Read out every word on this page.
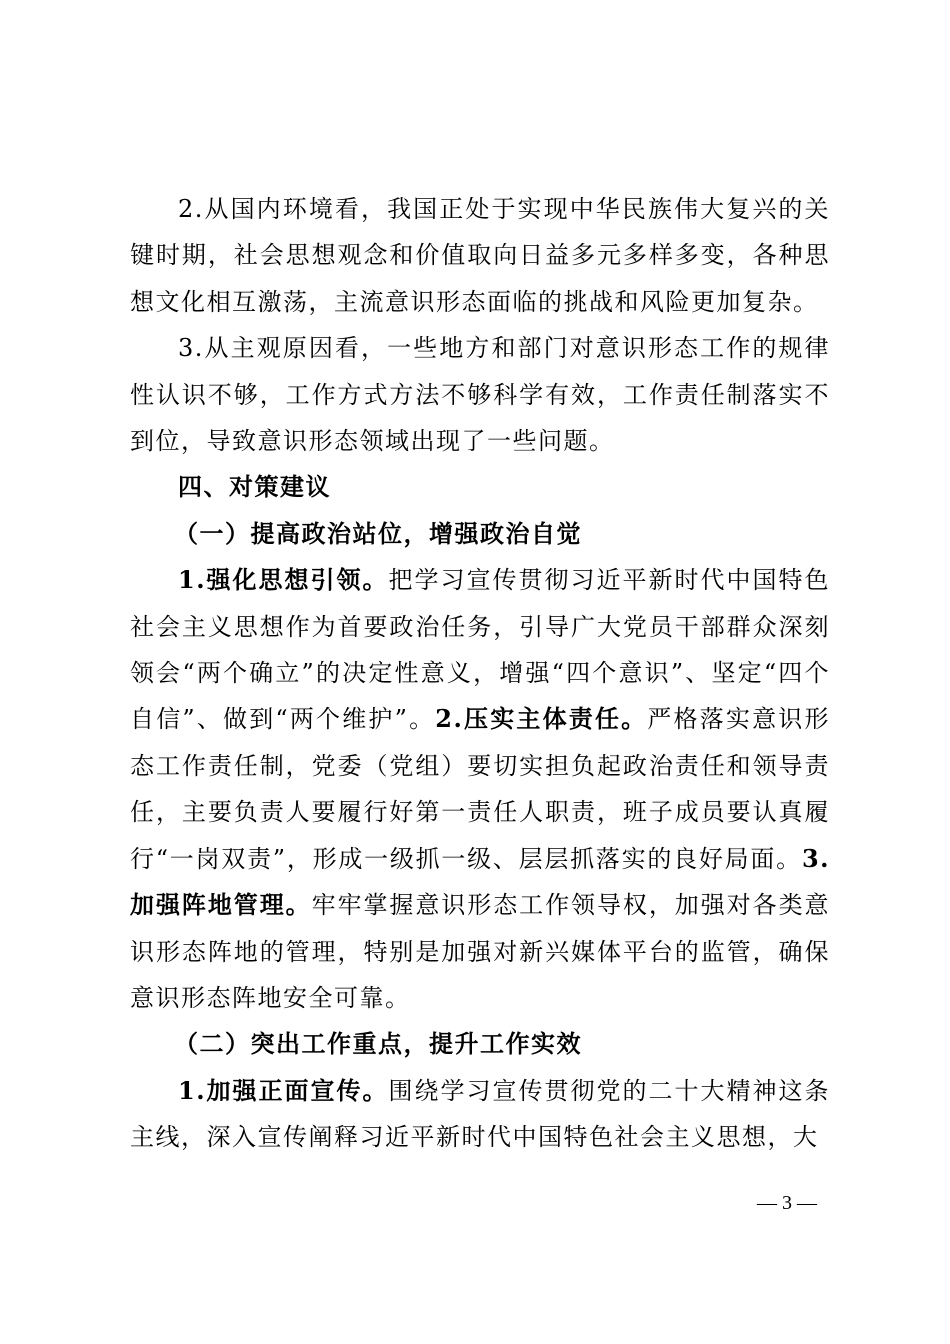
2.从国内环境看，我国正处于实现中华民族伟大复兴的关键时期，社会思想观念和价值取向日益多元多样多变，各种思想文化相互激荡，主流意识形态面临的挑战和风险更加复杂。

3.从主观原因看，一些地方和部门对意识形态工作的规律性认识不够，工作方式方法不够科学有效，工作责任制落实不到位，导致意识形态领域出现了一些问题。

四、对策建议

（一）提高政治站位，增强政治自觉

1.强化思想引领。把学习宣传贯彻习近平新时代中国特色社会主义思想作为首要政治任务，引导广大党员干部群众深刻领会“两个确立”的决定性意义，增强“四个意识”、坚定“四个自信”、做到“两个维护”。2.压实主体责任。严格落实意识形态工作责任制，党委（党组）要切实担负起政治责任和领导责任，主要负责人要履行好第一责任人职责，班子成员要认真履行“一岗双责”，形成一级抓一级、层层抓落实的良好局面。3.加强阵地管理。牢牢掌握意识形态工作领导权，加强对各类意识形态阵地的管理，特别是加强对新兴媒体平台的监管，确保意识形态阵地安全可靠。

（二）突出工作重点，提升工作实效

1.加强正面宣传。围绕学习宣传贯彻党的二十大精神这条主线，深入宣传阐释习近平新时代中国特色社会主义思想，大

— 3 —
